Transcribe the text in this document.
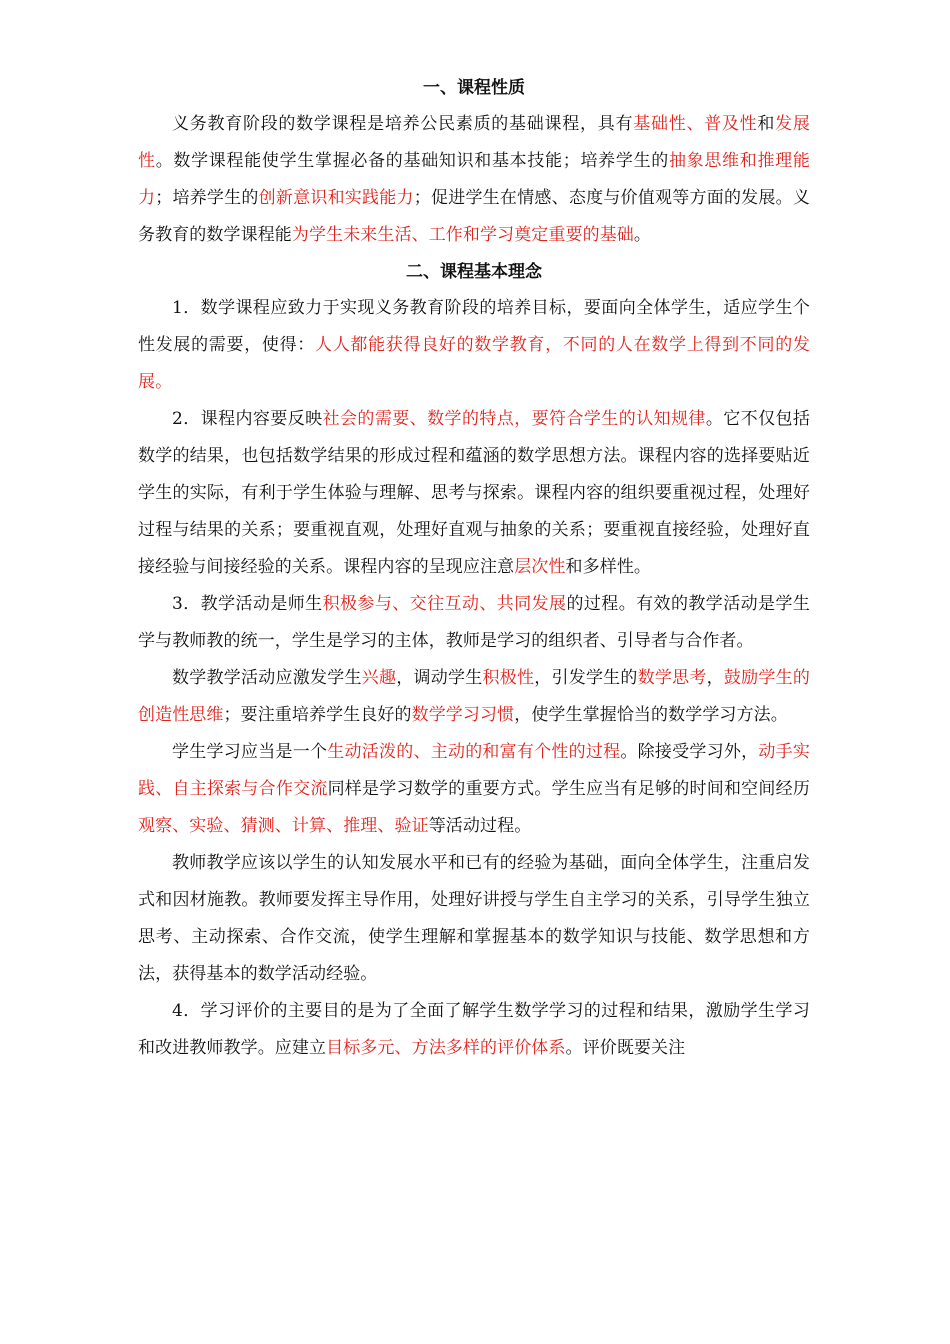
一、课程性质

义务教育阶段的数学课程是培养公民素质的基础课程，具有基础性、普及性和发展性。数学课程能使学生掌握必备的基础知识和基本技能；培养学生的抽象思维和推理能力；培养学生的创新意识和实践能力；促进学生在情感、态度与价值观等方面的发展。义务教育的数学课程能为学生未来生活、工作和学习奠定重要的基础。

二、课程基本理念

1．数学课程应致力于实现义务教育阶段的培养目标，要面向全体学生，适应学生个性发展的需要，使得：人人都能获得良好的数学教育，不同的人在数学上得到不同的发展。

2．课程内容要反映社会的需要、数学的特点，要符合学生的认知规律。它不仅包括数学的结果，也包括数学结果的形成过程和蕴涵的数学思想方法。课程内容的选择要贴近学生的实际，有利于学生体验与理解、思考与探索。课程内容的组织要重视过程，处理好过程与结果的关系；要重视直观，处理好直观与抽象的关系；要重视直接经验，处理好直接经验与间接经验的关系。课程内容的呈现应注意层次性和多样性。

3．教学活动是师生积极参与、交往互动、共同发展的过程。有效的教学活动是学生学与教师教的统一，学生是学习的主体，教师是学习的组织者、引导者与合作者。

数学教学活动应激发学生兴趣，调动学生积极性，引发学生的数学思考，鼓励学生的创造性思维；要注重培养学生良好的数学学习习惯，使学生掌握恰当的数学学习方法。

学生学习应当是一个生动活泼的、主动的和富有个性的过程。除接受学习外，动手实践、自主探索与合作交流同样是学习数学的重要方式。学生应当有足够的时间和空间经历观察、实验、猜测、计算、推理、验证等活动过程。

教师教学应该以学生的认知发展水平和已有的经验为基础，面向全体学生，注重启发式和因材施教。教师要发挥主导作用，处理好讲授与学生自主学习的关系，引导学生独立思考、主动探索、合作交流，使学生理解和掌握基本的数学知识与技能、数学思想和方法，获得基本的数学活动经验。

4．学习评价的主要目的是为了全面了解学生数学学习的过程和结果，激励学生学习和改进教师教学。应建立目标多元、方法多样的评价体系。评价既要关注
